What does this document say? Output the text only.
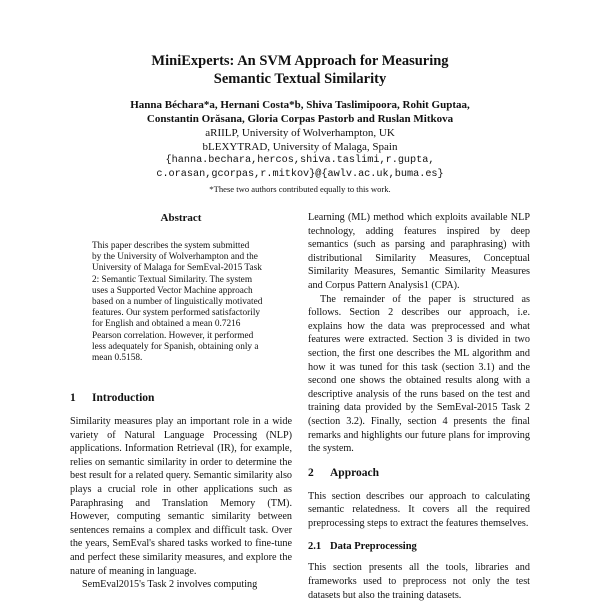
MiniExperts: An SVM Approach for Measuring
Semantic Textual Similarity
Hanna Béchara*a, Hernani Costa*b, Shiva Taslimipoora, Rohit Guptaa,
Constantin Orăsana, Gloria Corpas Pastorb and Ruslan Mitkova
aRIILP, University of Wolverhampton, UK
bLEXYTRAD, University of Malaga, Spain
{hanna.bechara,hercos,shiva.taslimi,r.gupta,
c.orasan,gcorpas,r.mitkov}@{awlv.ac.uk,buma.es}
*These two authors contributed equally to this work.
Abstract
This paper describes the system submitted
by the University of Wolverhampton and the
University of Malaga for SemEval-2015 Task
2: Semantic Textual Similarity. The system
uses a Supported Vector Machine approach
based on a number of linguistically motivated
features. Our system performed satisfactorily
for English and obtained a mean 0.7216
Pearson correlation. However, it performed
less adequately for Spanish, obtaining only a
mean 0.5158.
1 Introduction

Similarity measures play an important role in a wide variety of Natural Language Processing (NLP) applications. Information Retrieval (IR), for example, relies on semantic similarity in order to determine the best result for a related query. Semantic similarity also plays a crucial role in other applications such as Paraphrasing and Translation Memory (TM). However, computing semantic similarity between sentences remains a complex and difficult task. Over the years, SemEval's shared tasks worked to fine-tune and perfect these similarity measures, and explore the nature of meaning in language.

SemEval2015's Task 2 involves computing

Learning (ML) method which exploits available NLP technology, adding features inspired by deep semantics (such as parsing and paraphrasing) with distributional Similarity Measures, Conceptual Similarity Measures, Semantic Similarity Measures and Corpus Pattern Analysis1 (CPA).

The remainder of the paper is structured as follows. Section 2 describes our approach, i.e. explains how the data was preprocessed and what features were extracted. Section 3 is divided in two section, the first one describes the ML algorithm and how it was tuned for this task (section 3.1) and the second one shows the obtained results along with a descriptive analysis of the runs based on the test and training data provided by the SemEval-2015 Task 2 (section 3.2). Finally, section 4 presents the final remarks and highlights our future plans for improving the system.

2 Approach

This section describes our approach to calculating semantic relatedness. It covers all the required preprocessing steps to extract the features themselves.

2.1 Data Preprocessing

This section presents all the tools, libraries and frameworks used to preprocess not only the test datasets but also the training datasets.
